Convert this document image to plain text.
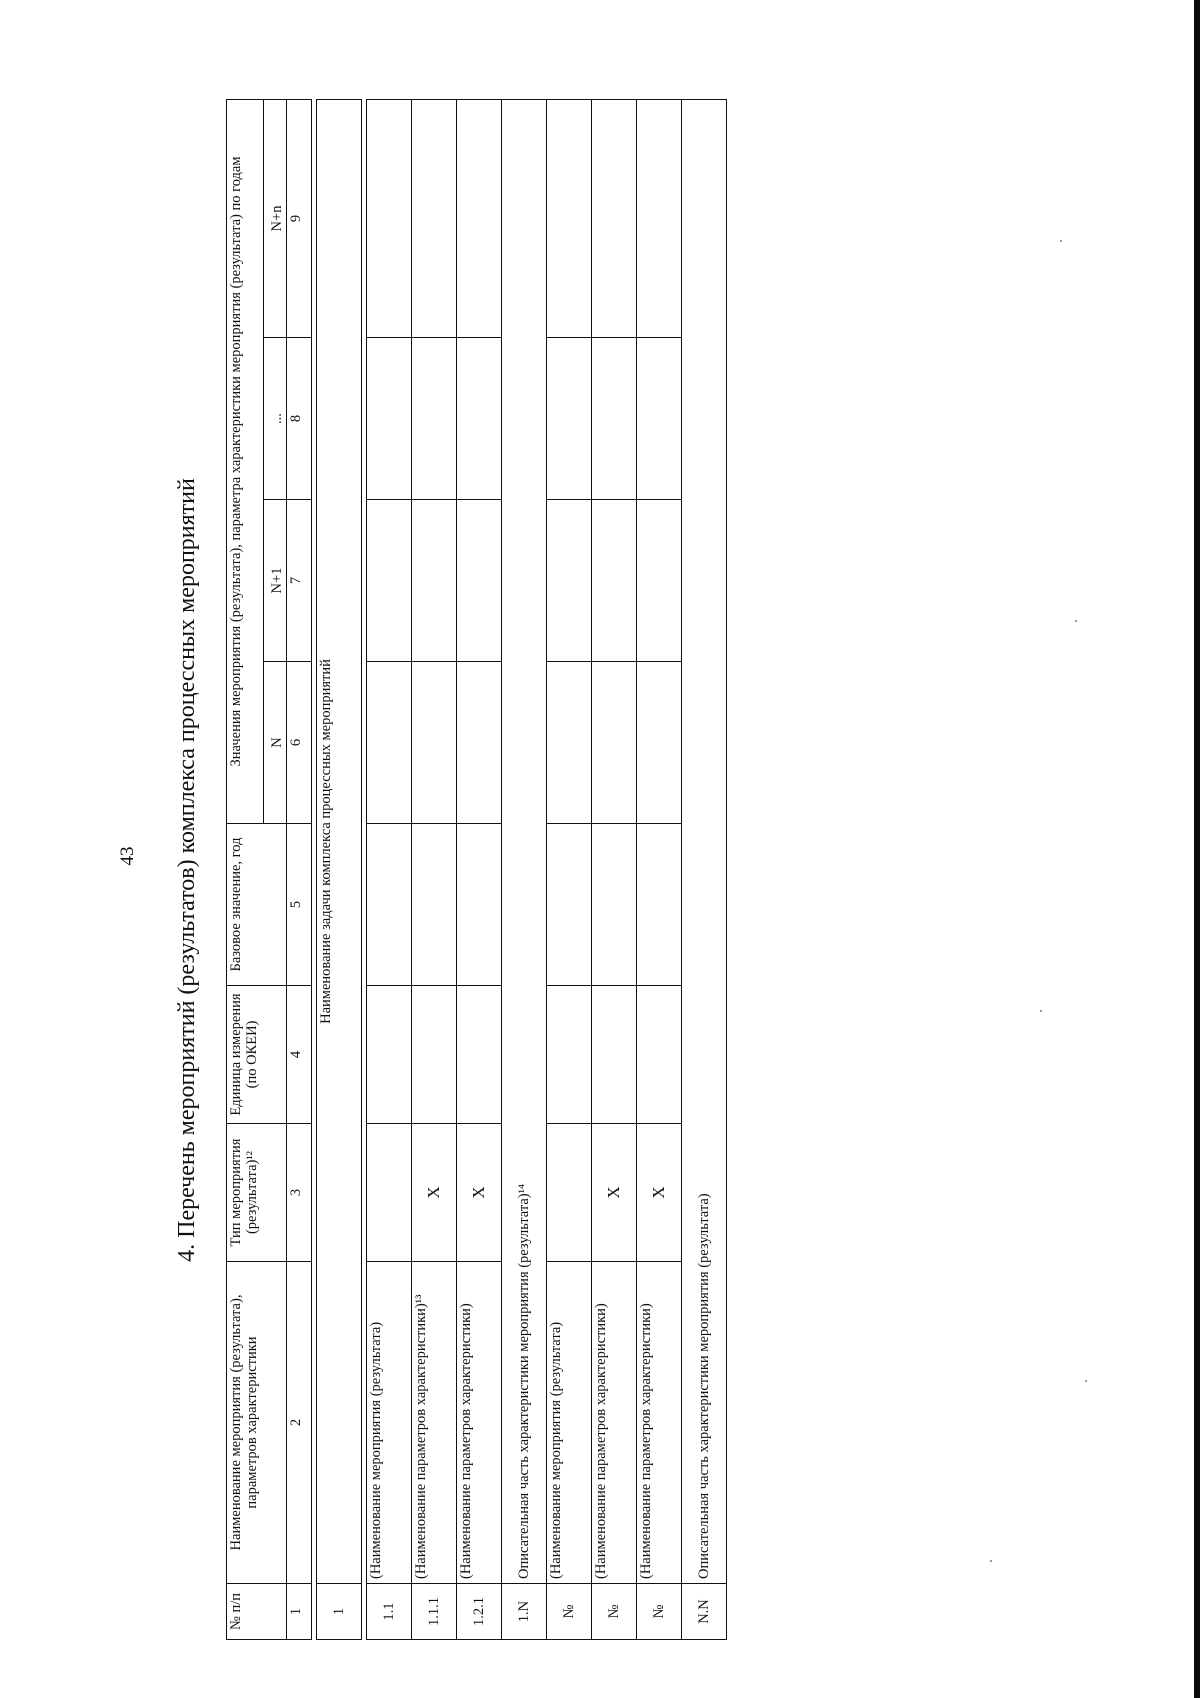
43 4. Перечень мероприятий (результатов) комплекса процессных мероприятий
№ п/п	Наименование мероприятия (результата), параметров характеристики	Тип мероприятия (результата)¹²	Единица измерения (по ОКЕИ)	Базовое значение, год	Значения мероприятия (результата), параметра характеристики мероприятия (результата) по годам			
					N	N+1	...	N+n
1	2	3	4	5	6	7	8	9

1	Наименование задачи комплекса процессных мероприятий							

1.1	(Наименование мероприятия (результата)							
1.1.1	(Наименование параметров характеристики)¹³	X						
1.2.1	(Наименование параметров характеристики)	X						
1.N	Описательная часть характеристики мероприятия (результата)¹⁴							
№	(Наименование мероприятия (результата)							
№	(Наименование параметров характеристики)	X						
№	(Наименование параметров характеристики)	X						
N.N	Описательная часть характеристики мероприятия (результата)							
